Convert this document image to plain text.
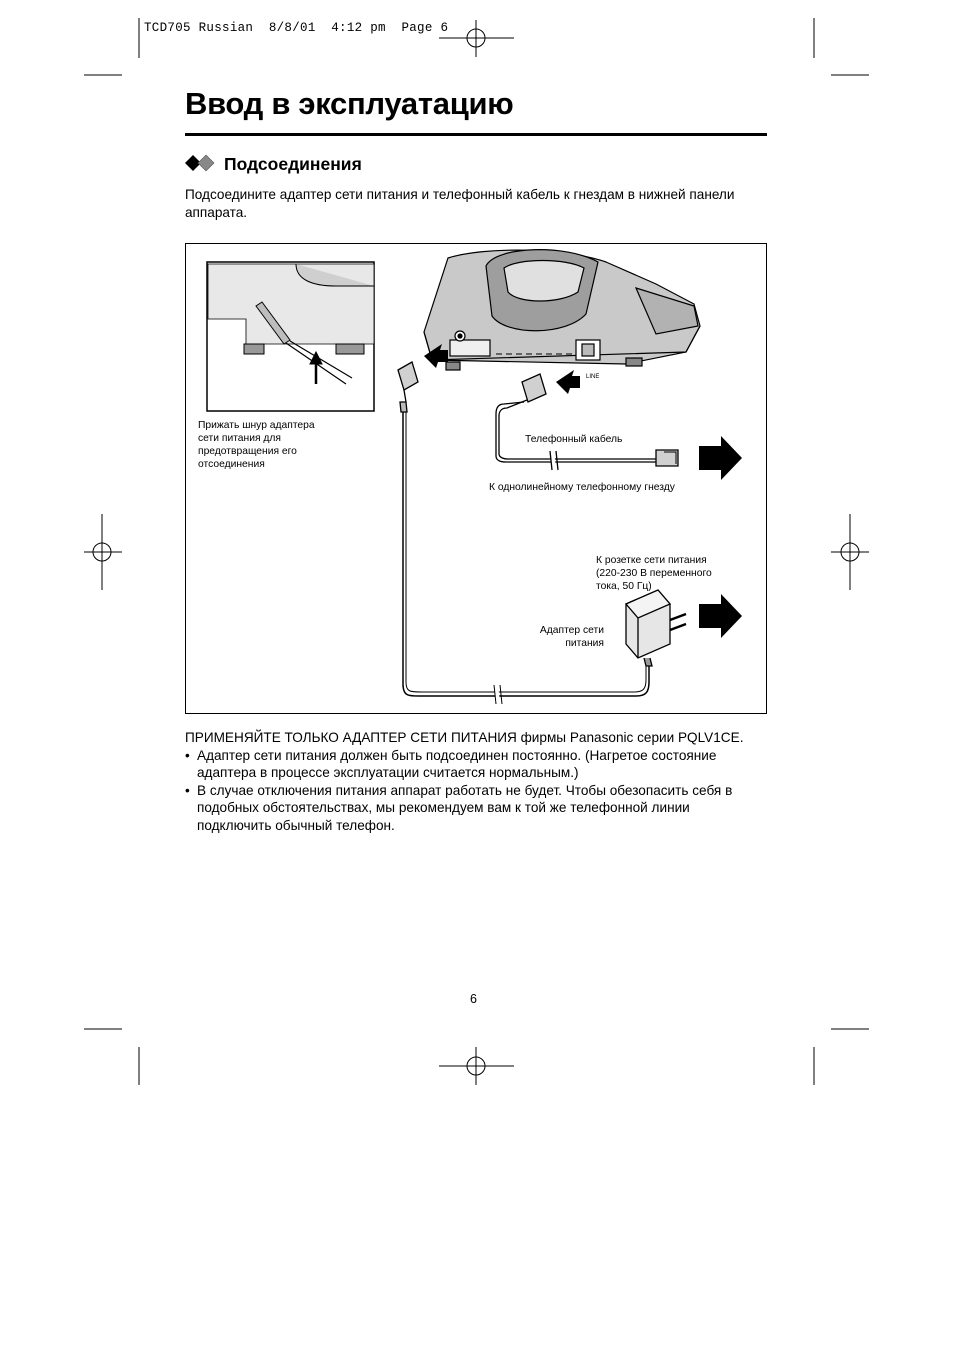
TCD705 Russian  8/8/01  4:12 pm  Page 6
Ввод в эксплуатацию
Подсоединения
Подсоедините адаптер сети питания и телефонный кабель к гнездам в нижней панели аппарата.
LINE
Прижать шнур адаптера
сети питания для
предотвращения его
отсоединения
Телефонный кабель
К однолинейному телефонному гнезду
К розетке сети питания
(220-230 В переменного
тока, 50 Гц)
Адаптер сети
питания

ПРИМЕНЯЙТЕ ТОЛЬКО АДАПТЕР СЕТИ ПИТАНИЯ фирмы Panasonic серии PQLV1CE.

• Адаптер сети питания должен быть подсоединен постоянно. (Нагретое состояние адаптера в процессе эксплуатации считается нормальным.)

• В случае отключения питания аппарат работать не будет. Чтобы обезопасить себя в подобных обстоятельствах, мы рекомендуем вам к той же телефонной линии подключить обычный телефон.

6
